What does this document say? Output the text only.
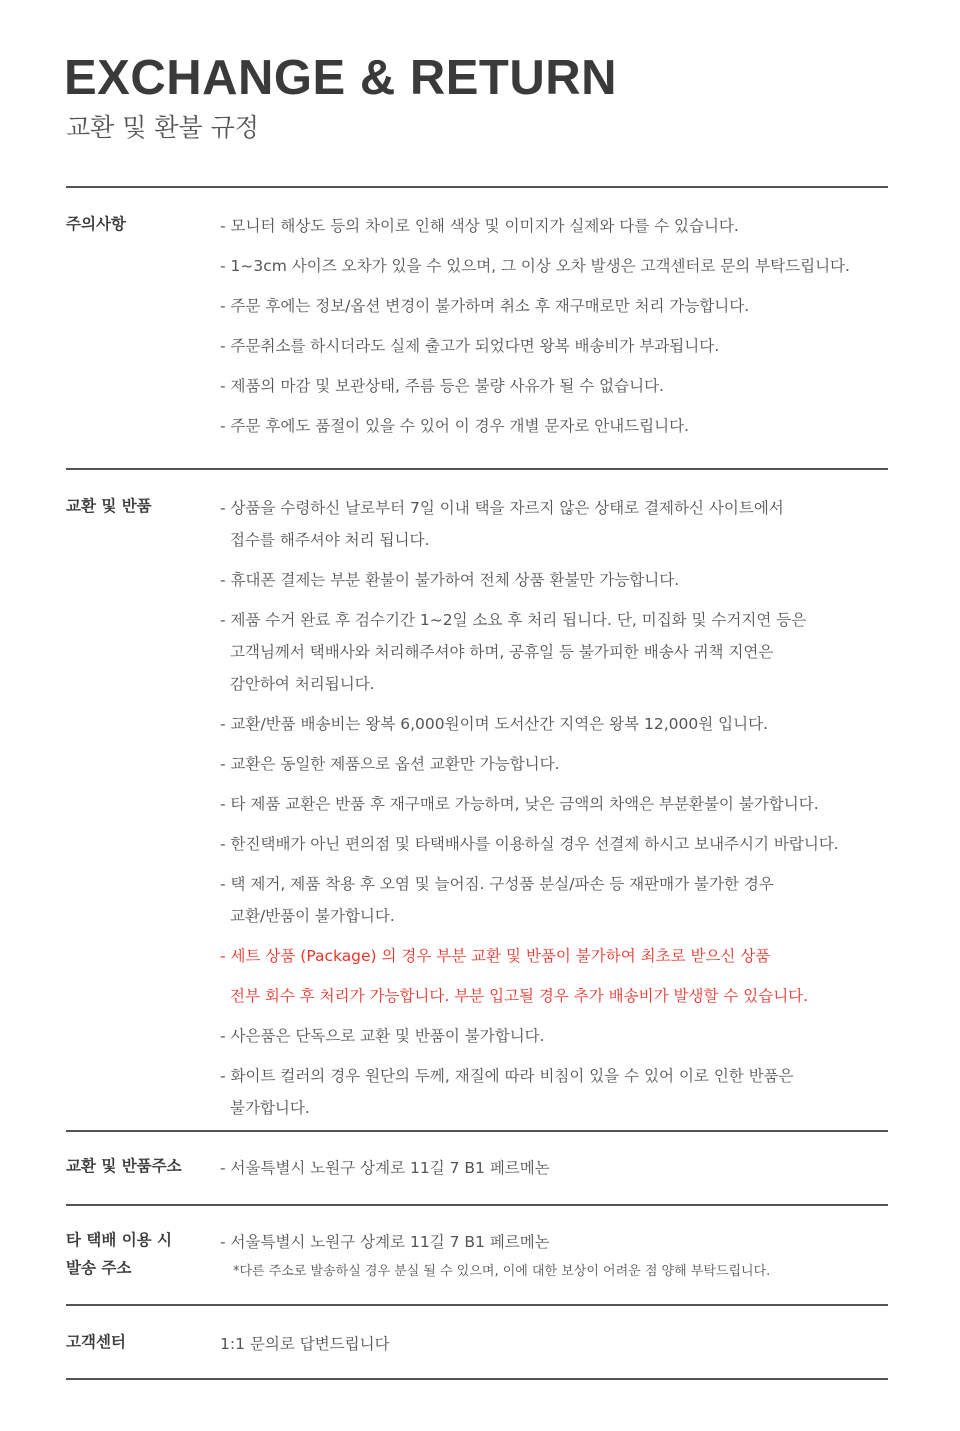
EXCHANGE & RETURN
교환 및 환불 규정
주의사항	- 모니터 해상도 등의 차이로 인해 색상 및 이미지가 실제와 다를 수 있습니다.
- 1~3cm 사이즈 오차가 있을 수 있으며, 그 이상 오차 발생은 고객센터로 문의 부탁드립니다.
- 주문 후에는 정보/옵션 변경이 불가하며 취소 후 재구매로만 처리 가능합니다.
- 주문취소를 하시더라도 실제 출고가 되었다면 왕복 배송비가 부과됩니다.
- 제품의 마감 및 보관상태, 주름 등은 불량 사유가 될 수 없습니다.
- 주문 후에도 품절이 있을 수 있어 이 경우 개별 문자로 안내드립니다.
교환 및 반품	- 상품을 수령하신 날로부터 7일 이내 택을 자르지 않은 상태로 결제하신 사이트에서
접수를 해주셔야 처리 됩니다.
- 휴대폰 결제는 부분 환불이 불가하여 전체 상품 환불만 가능합니다.
- 제품 수거 완료 후 검수기간 1~2일 소요 후 처리 됩니다. 단, 미집화 및 수거지연 등은
고객님께서 택배사와 처리해주셔야 하며, 공휴일 등 불가피한 배송사 귀책 지연은
감안하여 처리됩니다.
- 교환/반품 배송비는 왕복 6,000원이며 도서산간 지역은 왕복 12,000원 입니다.
- 교환은 동일한 제품으로 옵션 교환만 가능합니다.
- 타 제품 교환은 반품 후 재구매로 가능하며, 낮은 금액의 차액은 부분환불이 불가합니다.
- 한진택배가 아닌 편의점 및 타택배사를 이용하실 경우 선결제 하시고 보내주시기 바랍니다.
- 택 제거, 제품 착용 후 오염 및 늘어짐. 구성품 분실/파손 등 재판매가 불가한 경우
교환/반품이 불가합니다.
- 세트 상품 (Package) 의 경우 부분 교환 및 반품이 불가하여 최초로 받으신 상품
전부 회수 후 처리가 가능합니다. 부분 입고될 경우 추가 배송비가 발생할 수 있습니다.
- 사은품은 단독으로 교환 및 반품이 불가합니다.
- 화이트 컬러의 경우 원단의 두께, 재질에 따라 비침이 있을 수 있어 이로 인한 반품은
불가합니다.
교환 및 반품주소 - 서울특별시 노원구 상계로 11길 7 B1 페르메논
타 택배 이용 시
발송 주소
- 서울특별시 노원구 상계로 11길 7 B1 페르메논
*다른 주소로 발송하실 경우 분실 될 수 있으며, 이에 대한 보상이 어려운 점 양해 부탁드립니다.
고객센터	1:1 문의로 답변드립니다
